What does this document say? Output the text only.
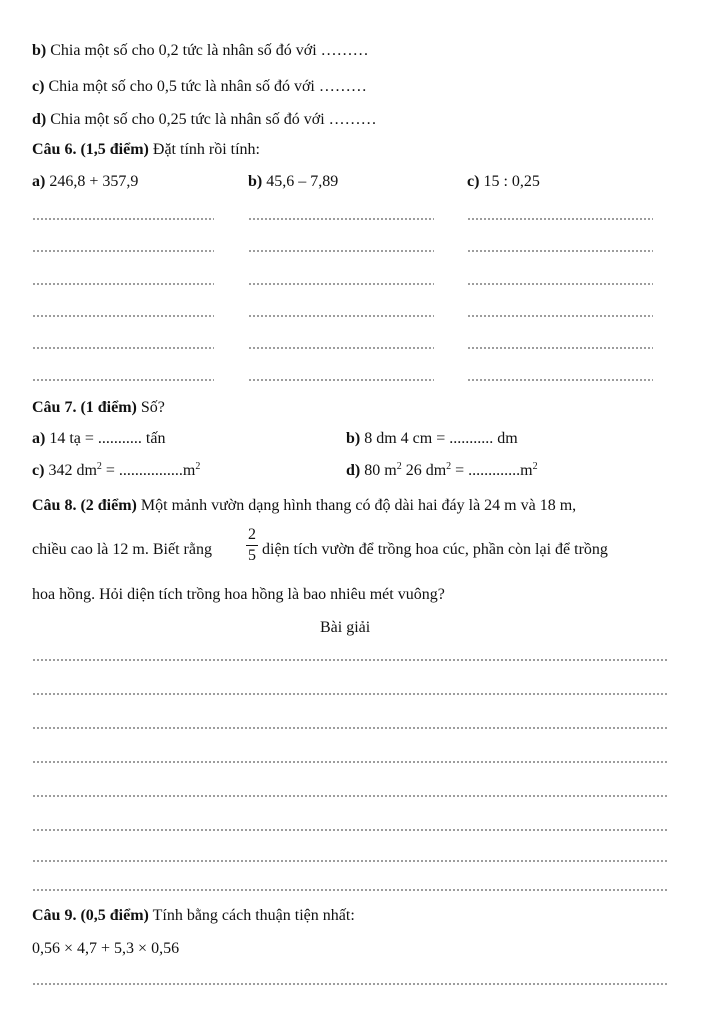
b) Chia một số cho 0,2 tức là nhân số đó với ………
c) Chia một số cho 0,5 tức là nhân số đó với ………
d) Chia một số cho 0,25 tức là nhân số đó với ………
Câu 6. (1,5 điểm) Đặt tính rồi tính:
a) 246,8 + 357,9	b) 45,6 – 7,89	c) 15 : 0,25
Câu 7. (1 điểm) Số?
a) 14 tạ = ........... tấn	b) 8 dm 4 cm = ........... dm
c) 342 $dm^2 = ................m^2$	d) 80 $m^2$ 26 $dm^2 = .............m^2$
Câu 8. (2 điểm) Một mảnh vườn dạng hình thang có độ dài hai đáy là 24 m và 18 m,
chiều cao là 12 m. Biết rằng
2
5 diện tích vườn để trồng hoa cúc, phần còn lại để trồng
hoa hồng. Hỏi diện tích trồng hoa hồng là bao nhiêu mét vuông?
Bài giải
Câu 9. (0,5 điểm) Tính bằng cách thuận tiện nhất:
0,56 × 4,7 + 5,3 × 0,56
